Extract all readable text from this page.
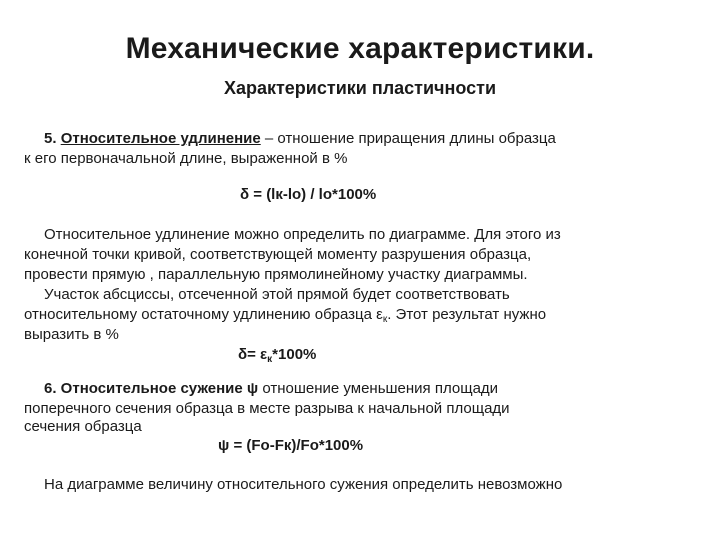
Механические характеристики.
Характеристики пластичности
5. Относительное удлинение – отношение приращения длины образца
к его первоначальной длине, выраженной в %
δ = (lк-lo) / lo*100%
Относительное удлинение можно определить по диаграмме. Для этого из
конечной точки кривой, соответствующей моменту разрушения образца,
провести прямую , параллельную прямолинейному участку диаграммы.
Участок абсциссы, отсеченной этой прямой будет соответствовать
относительному остаточному удлинению образца $\varepsilon_к$. Этот результат нужно
выразить в %
$\delta= \varepsilon_к*100\%$
6. Относительное сужение ψ отношение уменьшения площади
поперечного сечения образца в месте разрыва к начальной площади
сечения образца
ψ = (Fo-Fк)/Fo*100%
На диаграмме величину относительного сужения определить невозможно
